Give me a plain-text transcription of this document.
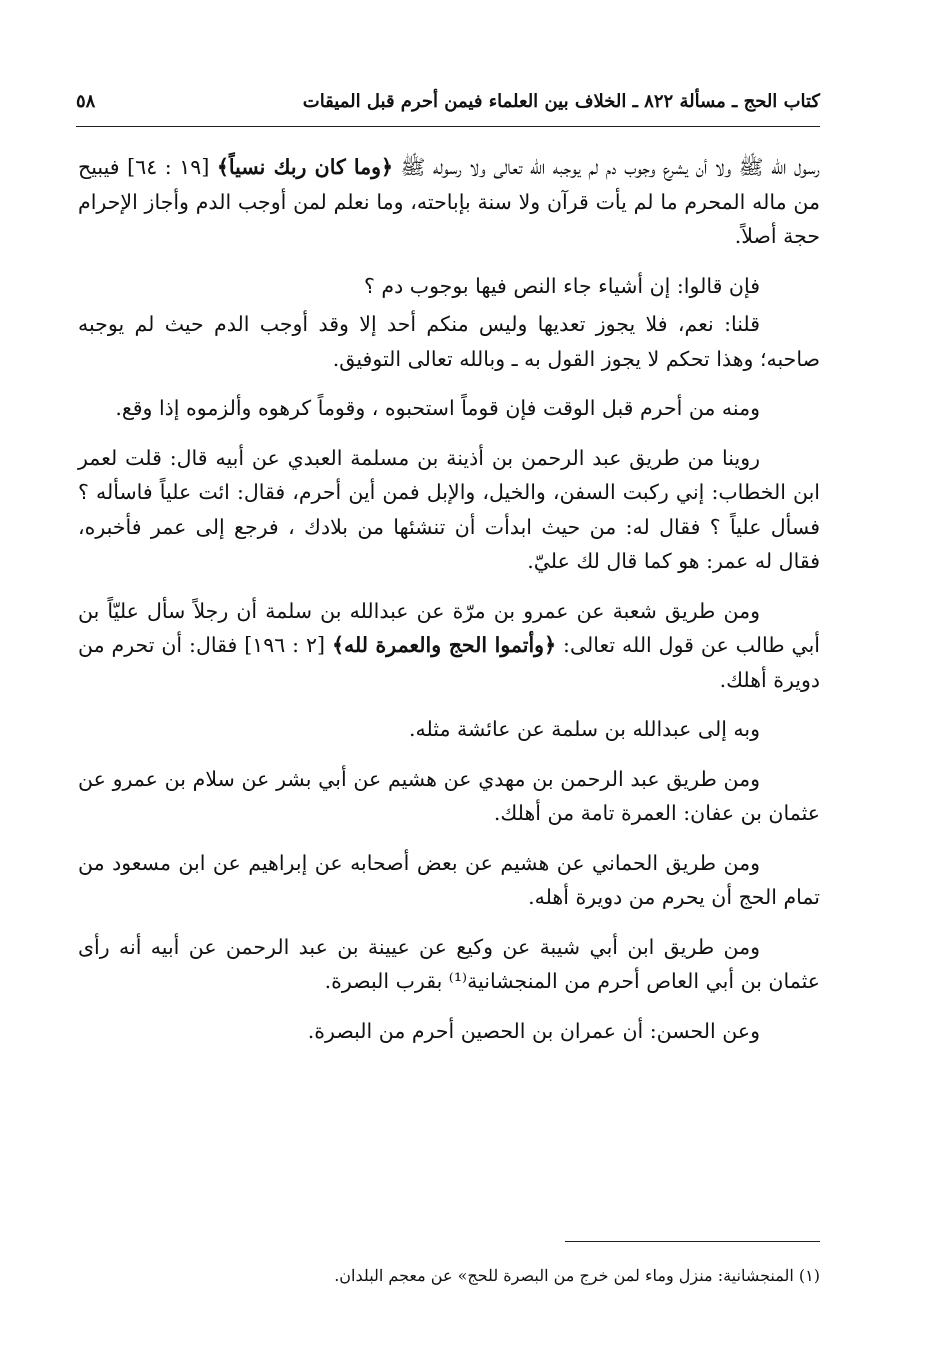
كتاب الحج ـ مسألة ٨٢٢ ـ الخلاف بين العلماء فيمن أحرم قبل الميقات
٥٨

رسول الله ﷺ ولا أن يشرع وجوب دم لم يوجبه الله تعالى ولا رسوله ﷺ ﴿وما كان ربك نسياً﴾ [١٩ : ٦٤] فيبيح من ماله المحرم ما لم يأت قرآن ولا سنة بإباحته، وما نعلم لمن أوجب الدم وأجاز الإحرام حجة أصلاً.

فإن قالوا: إن أشياء جاء النص فيها بوجوب دم ؟

قلنا: نعم، فلا يجوز تعديها وليس منكم أحد إلا وقد أوجب الدم حيث لم يوجبه صاحبه؛ وهذا تحكم لا يجوز القول به ـ وبالله تعالى التوفيق.

ومنه من أحرم قبل الوقت فإن قوماً استحبوه ، وقوماً كرهوه وألزموه إذا وقع.

روينا من طريق عبد الرحمن بن أذينة بن مسلمة العبدي عن أبيه قال: قلت لعمر ابن الخطاب: إني ركبت السفن، والخيل، والإبل فمن أين أحرم، فقال: ائت علياً فاسأله ؟ فسأل علياً ؟ فقال له: من حيث ابدأت أن تنشئها من بلادك ، فرجع إلى عمر فأخبره، فقال له عمر: هو كما قال لك عليّ.

ومن طريق شعبة عن عمرو بن مرّة عن عبدالله بن سلمة أن رجلاً سأل عليّاً بن أبي طالب عن قول الله تعالى: ﴿وأتموا الحج والعمرة لله﴾ [٢ : ١٩٦] فقال: أن تحرم من دويرة أهلك.

وبه إلى عبدالله بن سلمة عن عائشة مثله.

ومن طريق عبد الرحمن بن مهدي عن هشيم عن أبي بشر عن سلام بن عمرو عن عثمان بن عفان: العمرة تامة من أهلك.

ومن طريق الحماني عن هشيم عن بعض أصحابه عن إبراهيم عن ابن مسعود من تمام الحج أن يحرم من دويرة أهله.

ومن طريق ابن أبي شيبة عن وكيع عن عيينة بن عبد الرحمن عن أبيه أنه رأى عثمان بن أبي العاص أحرم من المنجشانية⁽¹⁾ بقرب البصرة.

وعن الحسن: أن عمران بن الحصين أحرم من البصرة.

(١) المنجشانية: منزل وماء لمن خرج من البصرة للحج» عن معجم البلدان.
